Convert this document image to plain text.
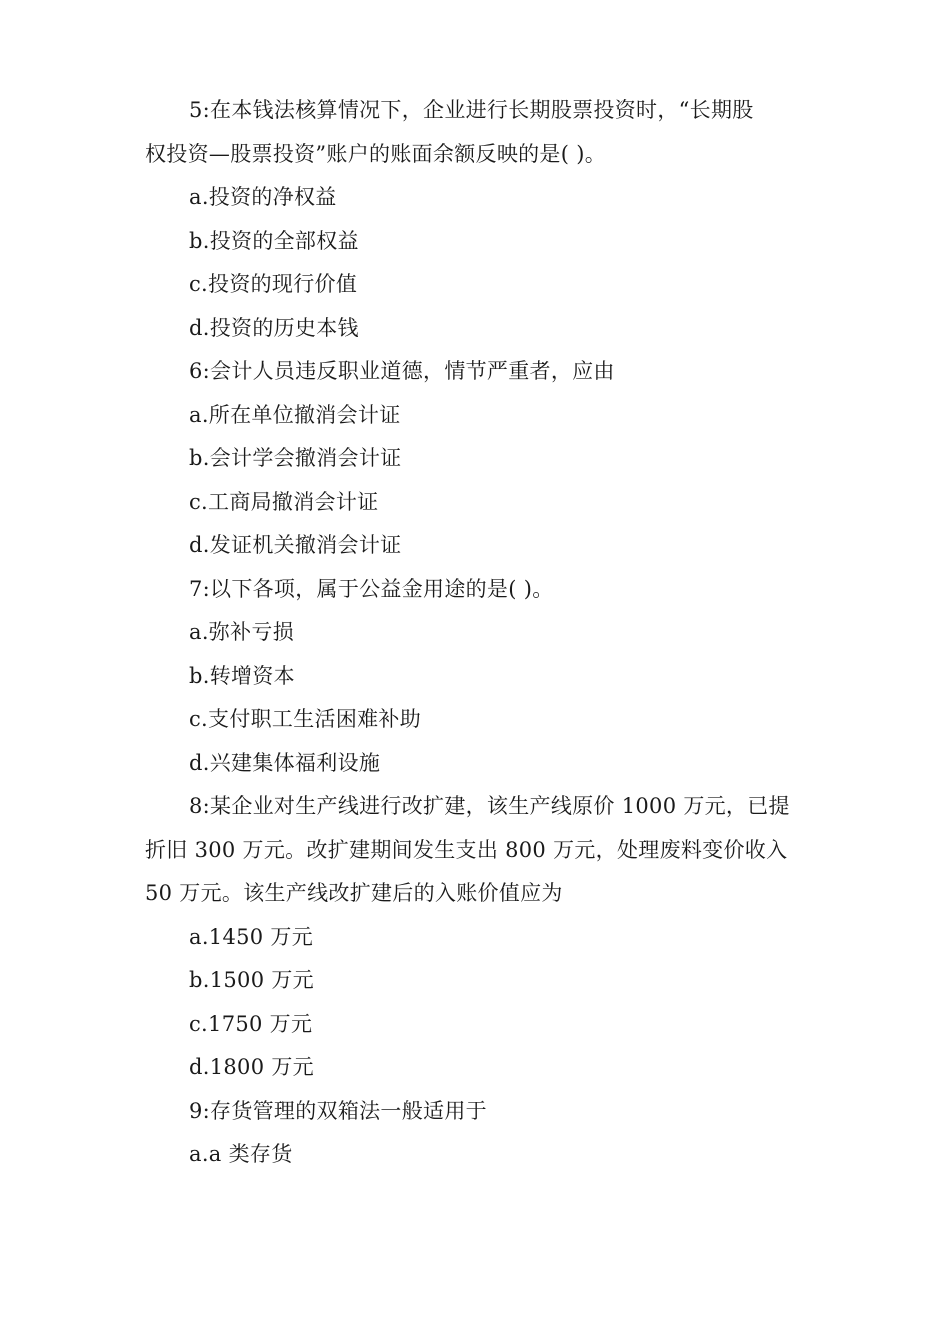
5:在本钱法核算情况下，企业进行长期股票投资时，“长期股
权投资—股票投资”账户的账面余额反映的是( )。
a.投资的净权益
b.投资的全部权益
c.投资的现行价值
d.投资的历史本钱
6:会计人员违反职业道德，情节严重者，应由
a.所在单位撤消会计证
b.会计学会撤消会计证
c.工商局撤消会计证
d.发证机关撤消会计证
7:以下各项，属于公益金用途的是( )。
a.弥补亏损
b.转增资本
c.支付职工生活困难补助
d.兴建集体福利设施
8:某企业对生产线进行改扩建，该生产线原价 1000 万元，已提
折旧 300 万元。改扩建期间发生支出 800 万元，处理废料变价收入
50 万元。该生产线改扩建后的入账价值应为
a.1450 万元
b.1500 万元
c.1750 万元
d.1800 万元
9:存货管理的双箱法一般适用于
a.a 类存货
